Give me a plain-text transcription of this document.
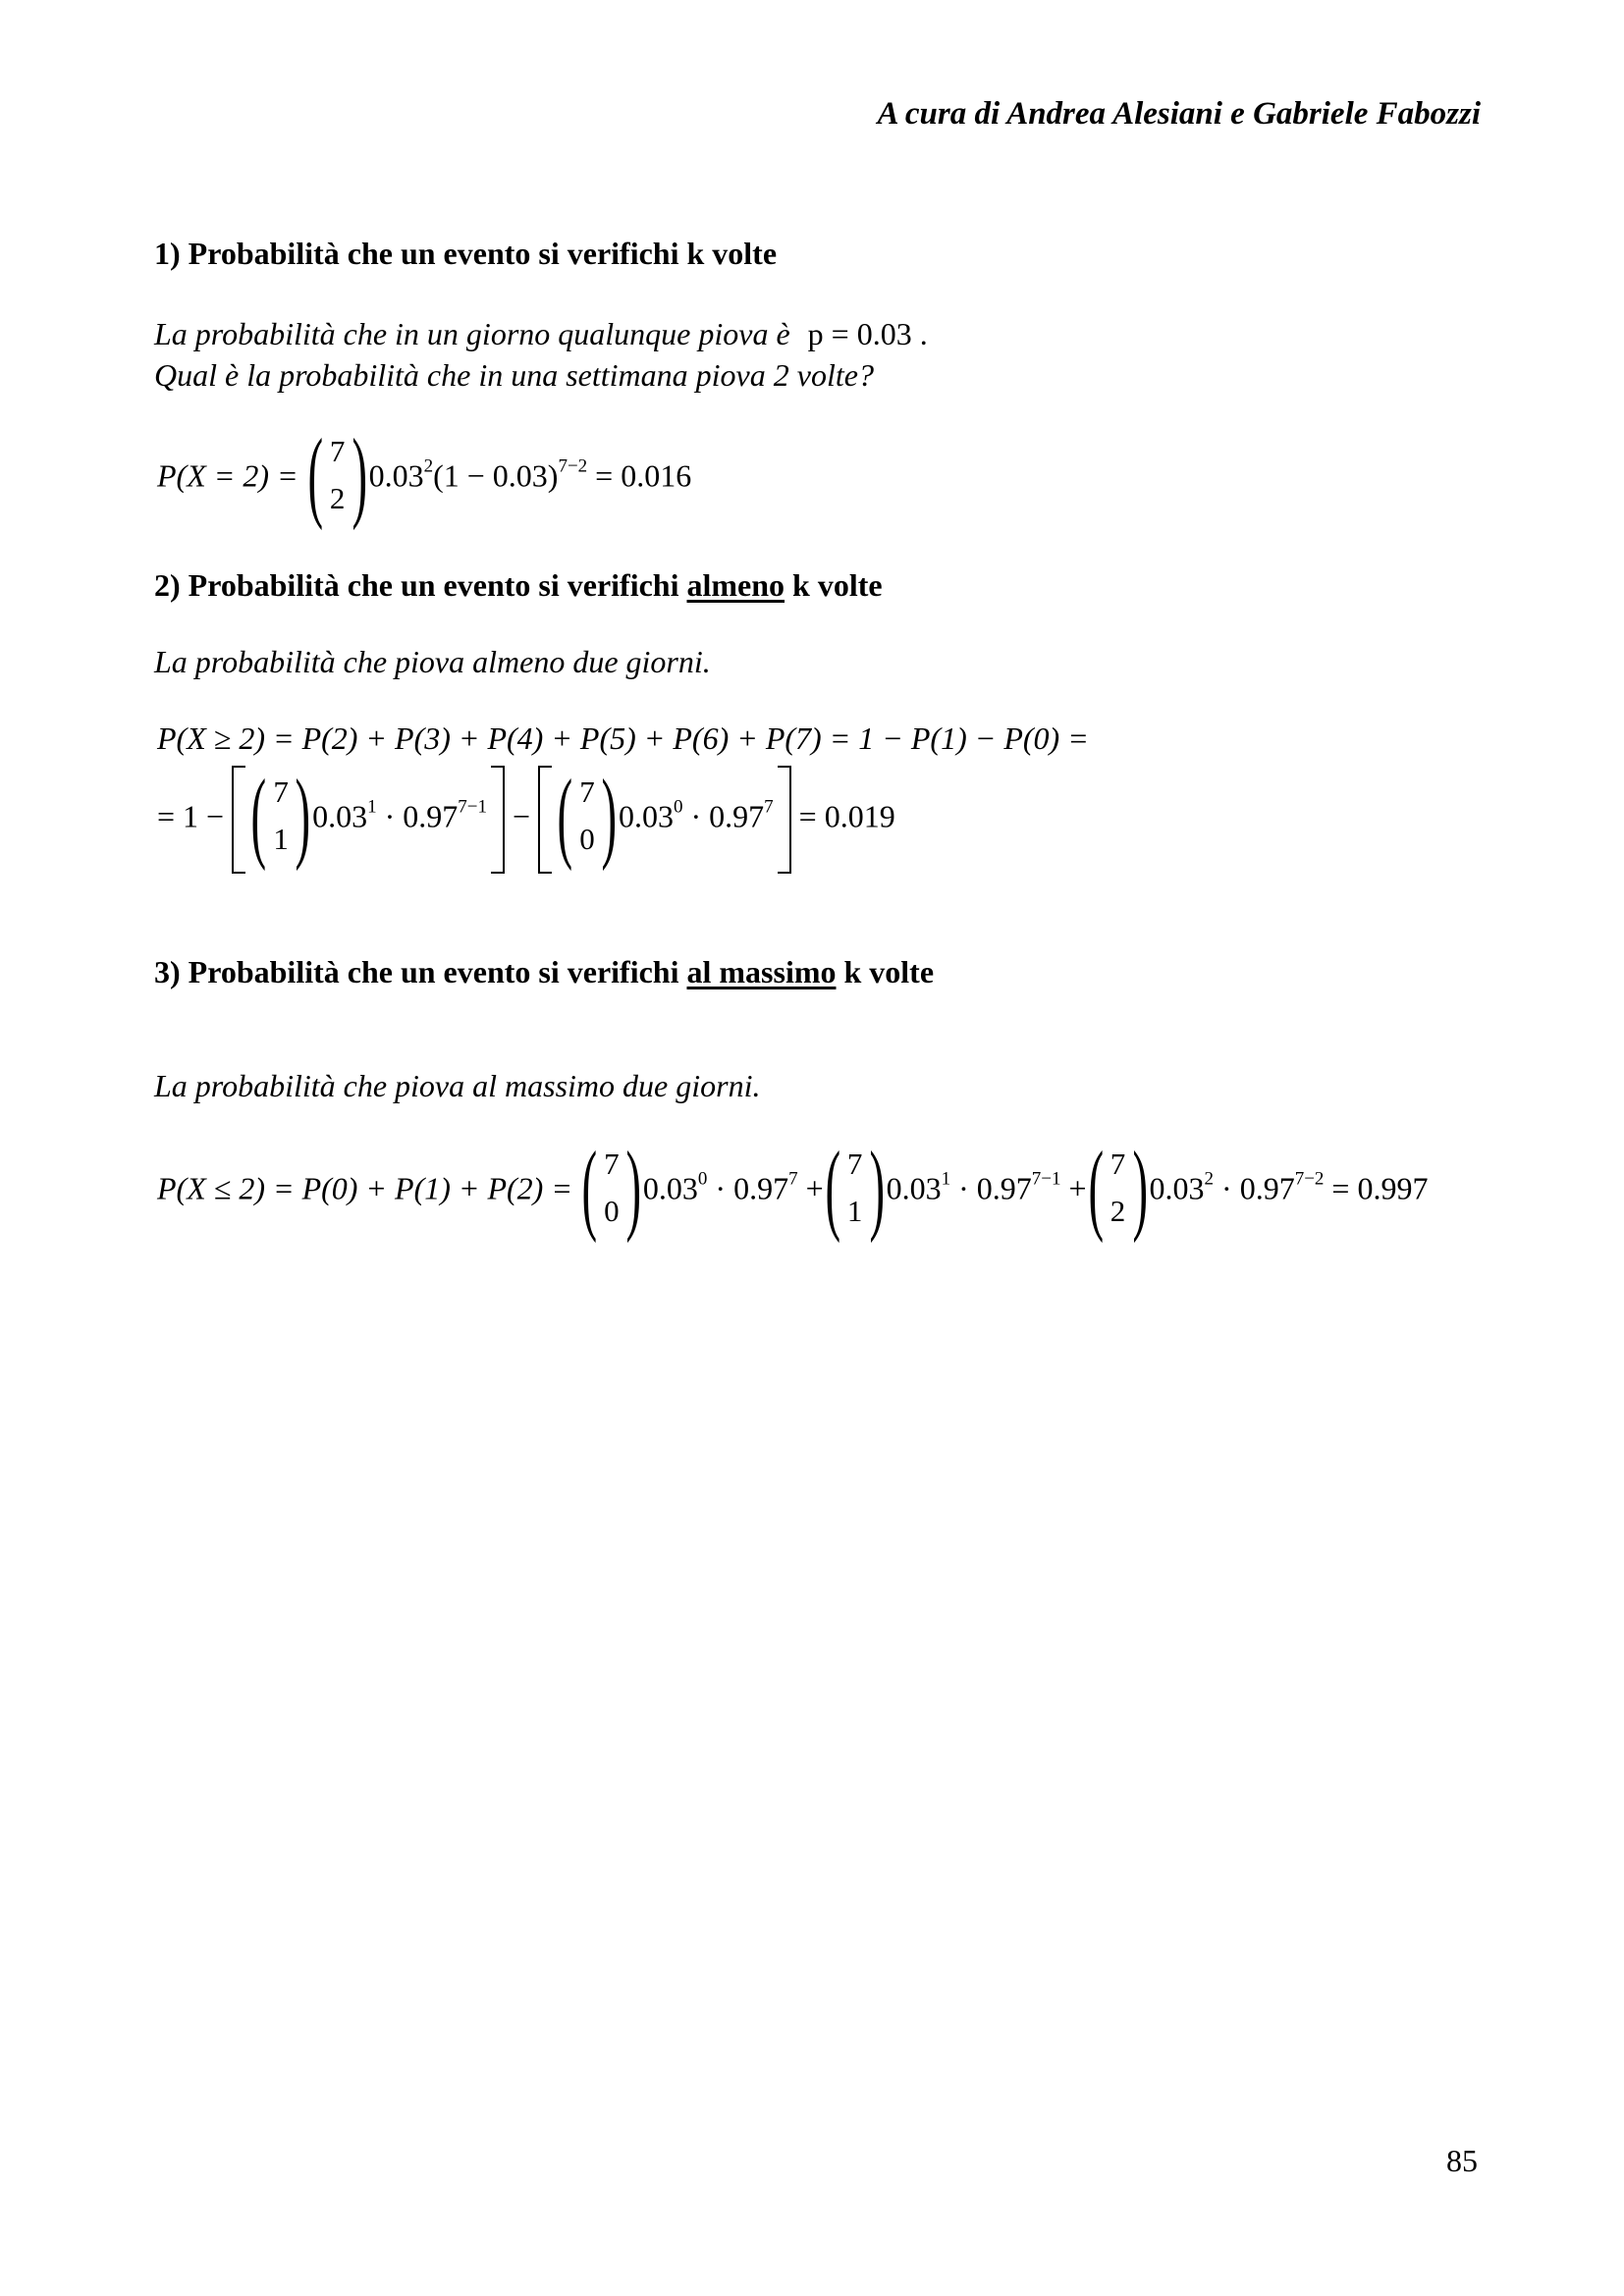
A cura di Andrea Alesiani e Gabriele Fabozzi
1) Probabilità che un evento si verifichi k volte
La probabilità che in un giorno qualunque piova è p = 0.03 .
Qual è la probabilità che in una settimana piova 2 volte?
P(X = 2) = ( 7
2 ) $0.03^2(1 - 0.03)^{7-2} = 0.016$
2) Probabilità che un evento si verifichi almeno k volte
La probabilità che piova almeno due giorni.
P(X ≥ 2) = P(2) + P(3) + P(4) + P(5) + P(6) + P(7) = 1 − P(1) − P(0) =
= 1 − ( 7
1 ) $0.03^1 \cdot 0.97^{7-1}$ − ( 7
0 ) $0.03^0 \cdot 0.97^7 = 0.019$
3) Probabilità che un evento si verifichi al massimo k volte
La probabilità che piova al massimo due giorni.
P(X ≤ 2) = P(0) + P(1) + P(2) = ( 7
0 ) $0.03^0 \cdot 0.97^7$ + ( 7
1 ) $0.03^1 \cdot 0.97^{7-1}$ + ( 7
2 ) $0.03^2 \cdot 0.97^{7-2} = 0.997$
85
